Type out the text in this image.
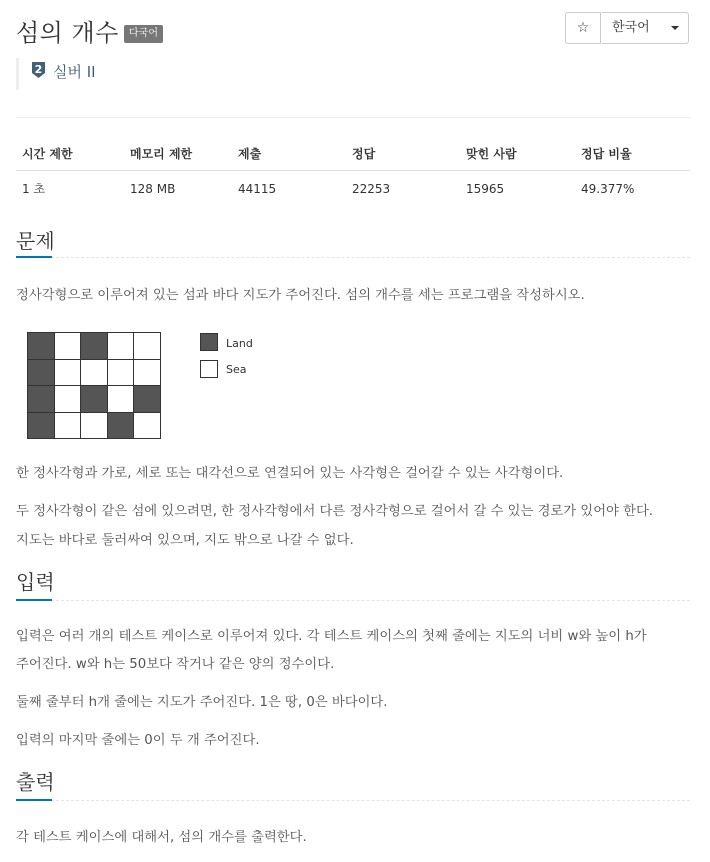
섬의 개수	다국어	☆	한국어
2 실버 II
시간 제한	메모리 제한	제출	정답	맞힌 사람	정답 비율
1 초	128 MB	44115	22253	15965	49.377%
문제
정사각형으로 이루어져 있는 섬과 바다 지도가 주어진다. 섬의 개수를 세는 프로그램을 작성하시오.
Land
Sea
한 정사각형과 가로, 세로 또는 대각선으로 연결되어 있는 사각형은 걸어갈 수 있는 사각형이다.
두 정사각형이 같은 섬에 있으려면, 한 정사각형에서 다른 정사각형으로 걸어서 갈 수 있는 경로가 있어야 한다.
지도는 바다로 둘러싸여 있으며, 지도 밖으로 나갈 수 없다.
입력
입력은 여러 개의 테스트 케이스로 이루어져 있다. 각 테스트 케이스의 첫째 줄에는 지도의 너비 w와 높이 h가
주어진다. w와 h는 50보다 작거나 같은 양의 정수이다.
둘째 줄부터 h개 줄에는 지도가 주어진다. 1은 땅, 0은 바다이다.
입력의 마지막 줄에는 0이 두 개 주어진다.
출력
각 테스트 케이스에 대해서, 섬의 개수를 출력한다.
